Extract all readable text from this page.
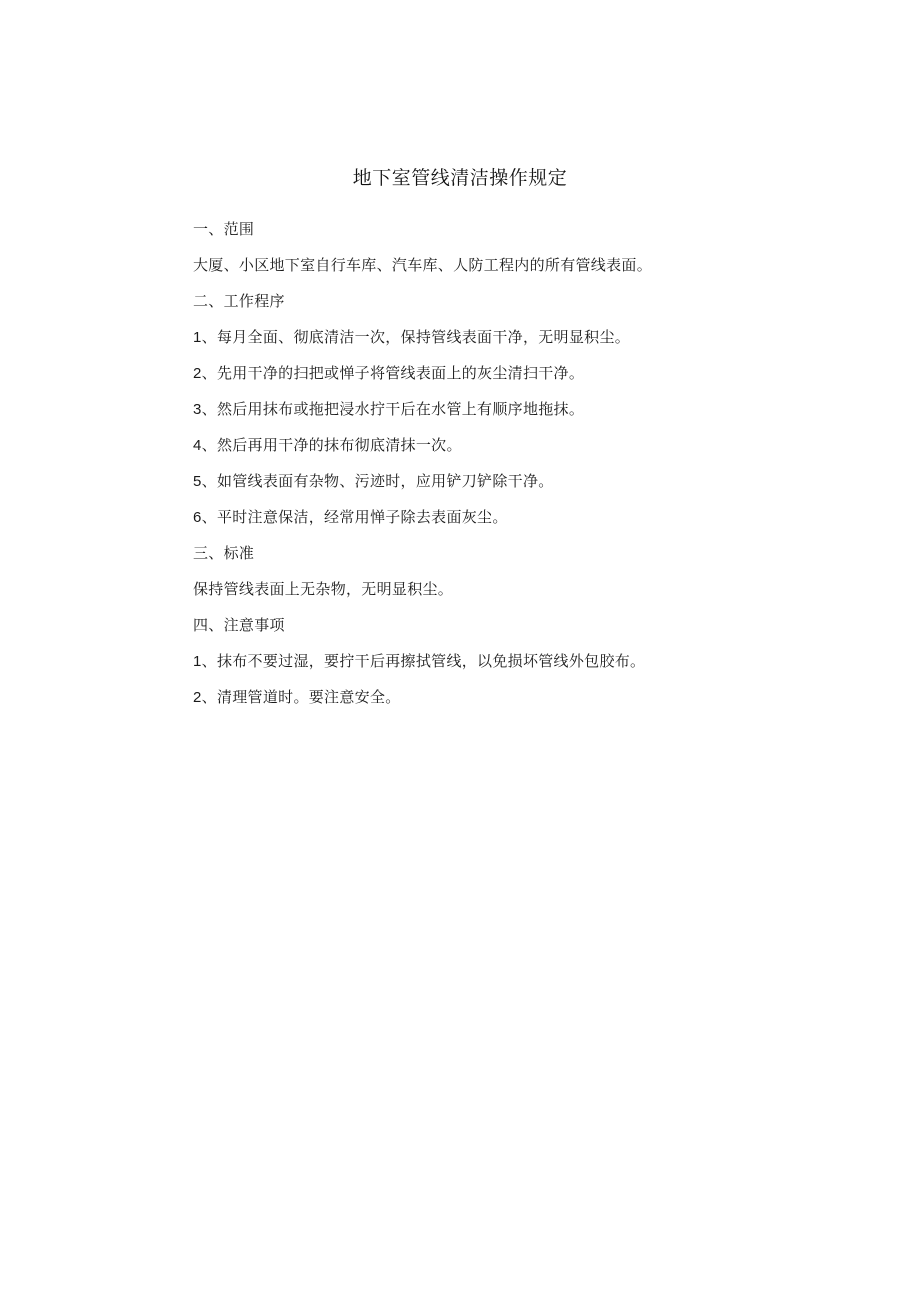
地下室管线清洁操作规定
一、范围
大厦、小区地下室自行车库、汽车库、人防工程内的所有管线表面。
二、工作程序
1、每月全面、彻底清洁一次，保持管线表面干净，无明显积尘。
2、先用干净的扫把或惮子将管线表面上的灰尘清扫干净。
3、然后用抹布或拖把浸水拧干后在水管上有顺序地拖抹。
4、然后再用干净的抹布彻底清抹一次。
5、如管线表面有杂物、污迹时，应用铲刀铲除干净。
6、平时注意保洁，经常用惮子除去表面灰尘。
三、标准
保持管线表面上无杂物，无明显积尘。
四、注意事项
1、抹布不要过湿，要拧干后再擦拭管线，以免损坏管线外包胶布。
2、清理管道时。要注意安全。
